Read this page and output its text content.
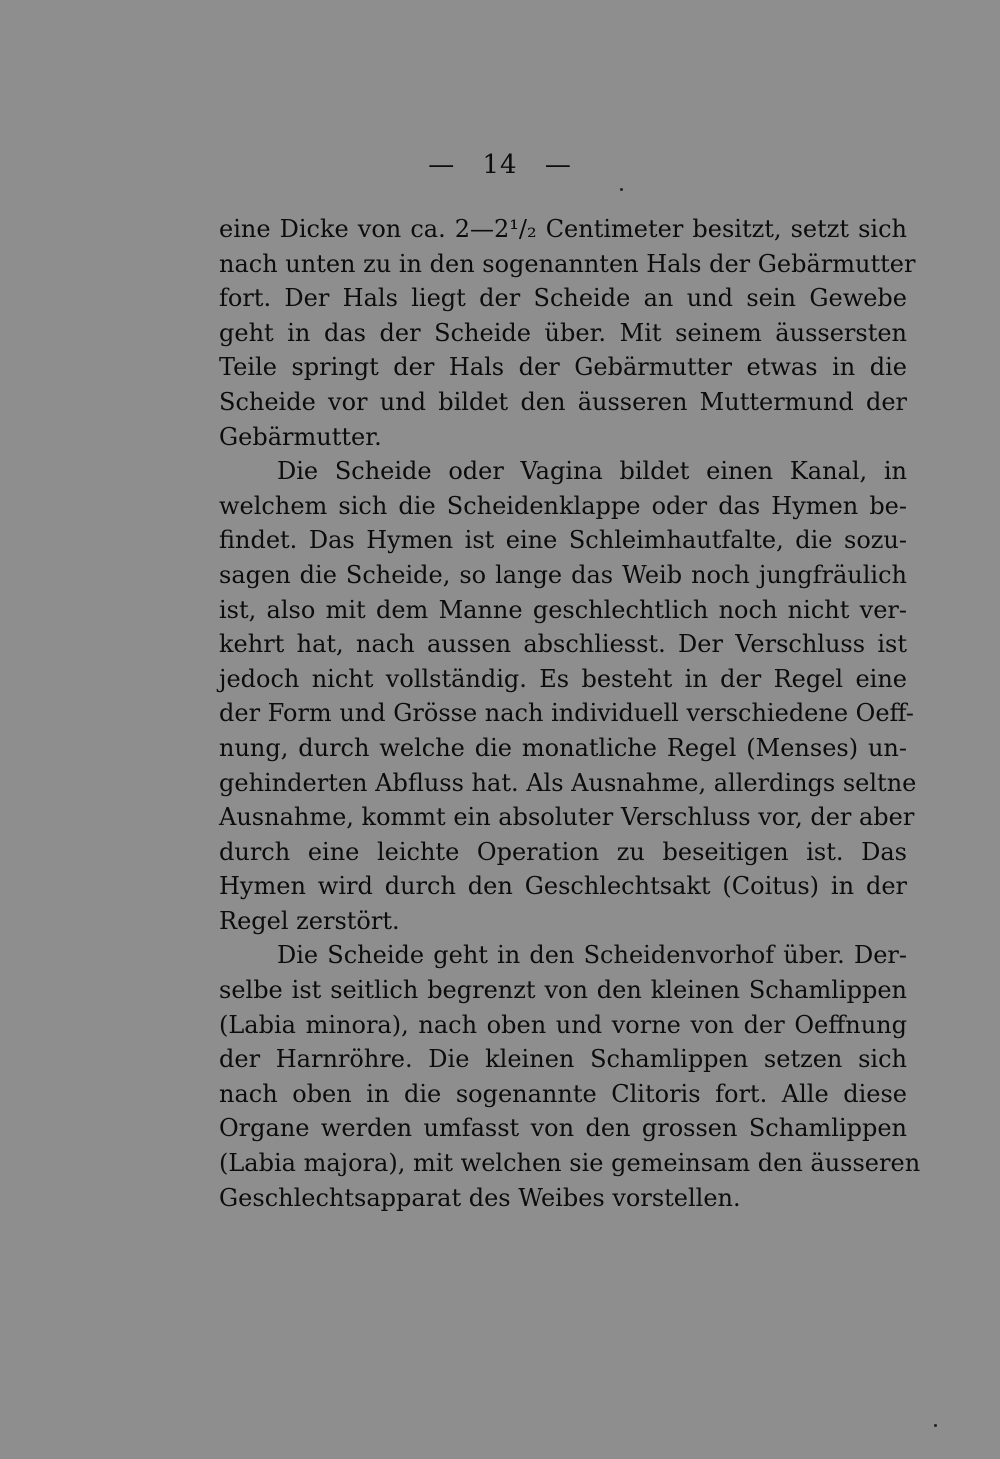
— 14 —
eine Dicke von ca. 2—2¹/₂ Centimeter besitzt, setzt sich
nach unten zu in den sogenannten Hals der Gebärmutter
fort. Der Hals liegt der Scheide an und sein Gewebe
geht in das der Scheide über. Mit seinem äussersten
Teile springt der Hals der Gebärmutter etwas in die
Scheide vor und bildet den äusseren Muttermund der
Gebärmutter.
Die Scheide oder Vagina bildet einen Kanal, in
welchem sich die Scheidenklappe oder das Hymen be-
findet. Das Hymen ist eine Schleimhautfalte, die sozu-
sagen die Scheide, so lange das Weib noch jungfräulich
ist, also mit dem Manne geschlechtlich noch nicht ver-
kehrt hat, nach aussen abschliesst. Der Verschluss ist
jedoch nicht vollständig. Es besteht in der Regel eine
der Form und Grösse nach individuell verschiedene Oeff-
nung, durch welche die monatliche Regel (Menses) un-
gehinderten Abfluss hat. Als Ausnahme, allerdings seltne
Ausnahme, kommt ein absoluter Verschluss vor, der aber
durch eine leichte Operation zu beseitigen ist. Das
Hymen wird durch den Geschlechtsakt (Coitus) in der
Regel zerstört.
Die Scheide geht in den Scheidenvorhof über. Der-
selbe ist seitlich begrenzt von den kleinen Schamlippen
(Labia minora), nach oben und vorne von der Oeffnung
der Harnröhre. Die kleinen Schamlippen setzen sich
nach oben in die sogenannte Clitoris fort. Alle diese
Organe werden umfasst von den grossen Schamlippen
(Labia majora), mit welchen sie gemeinsam den äusseren
Geschlechtsapparat des Weibes vorstellen.
